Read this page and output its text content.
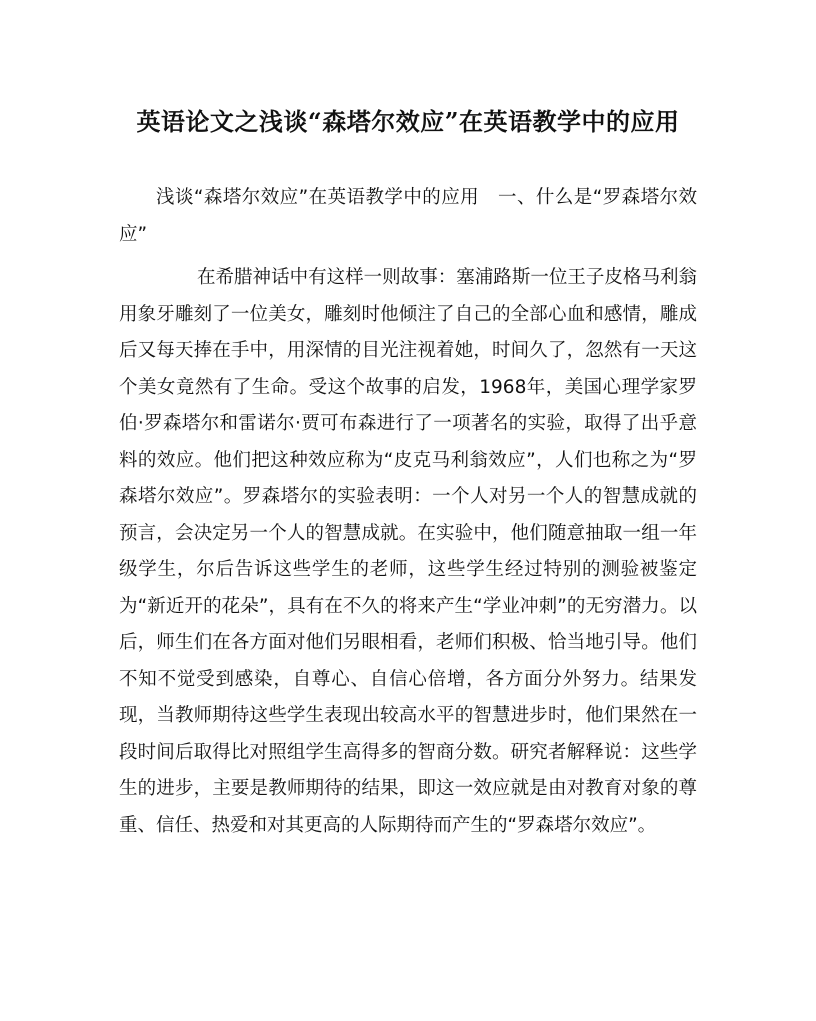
英语论文之浅谈“森塔尔效应”在英语教学中的应用

浅谈“森塔尔效应”在英语教学中的应用　一、什么是“罗森塔尔效应”

在希腊神话中有这样一则故事：塞浦路斯一位王子皮格马利翁用象牙雕刻了一位美女，雕刻时他倾注了自己的全部心血和感情，雕成后又每天捧在手中，用深情的目光注视着她，时间久了，忽然有一天这个美女竟然有了生命。受这个故事的启发，1968年，美国心理学家罗伯·罗森塔尔和雷诺尔·贾可布森进行了一项著名的实验，取得了出乎意料的效应。他们把这种效应称为“皮克马利翁效应”，人们也称之为“罗森塔尔效应”。罗森塔尔的实验表明：一个人对另一个人的智慧成就的预言，会决定另一个人的智慧成就。在实验中，他们随意抽取一组一年级学生，尔后告诉这些学生的老师，这些学生经过特别的测验被鉴定为“新近开的花朵”，具有在不久的将来产生“学业冲刺”的无穷潜力。以后，师生们在各方面对他们另眼相看，老师们积极、恰当地引导。他们不知不觉受到感染，自尊心、自信心倍增，各方面分外努力。结果发现，当教师期待这些学生表现出较高水平的智慧进步时，他们果然在一段时间后取得比对照组学生高得多的智商分数。研究者解释说：这些学生的进步，主要是教师期待的结果，即这一效应就是由对教育对象的尊重、信任、热爱和对其更高的人际期待而产生的“罗森塔尔效应”。
